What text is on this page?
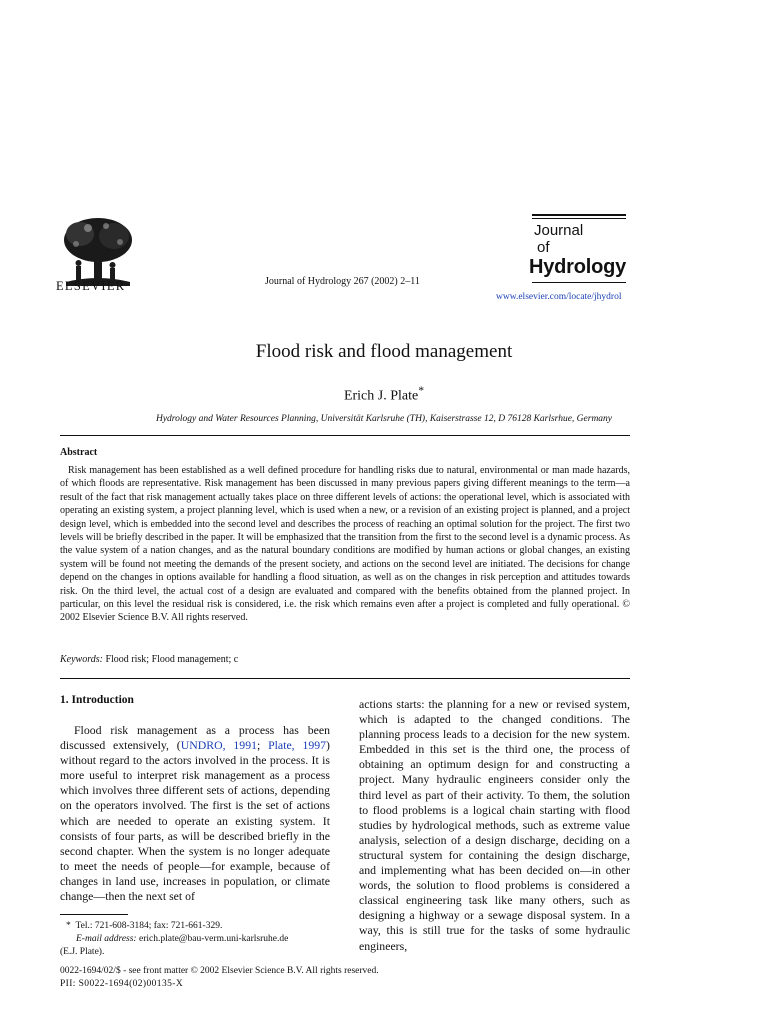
ELSEVIER	Journal of Hydrology 267 (2002) 2–11
Journal
of
Hydrology
www.elsevier.com/locate/jhydrol
Flood risk and flood management
Erich J. Plate*
Hydrology and Water Resources Planning, Universität Karlsruhe (TH), Kaiserstrasse 12, D 76128 Karlsrhue, Germany
Abstract

Risk management has been established as a well defined procedure for handling risks due to natural, environmental or man made hazards, of which floods are representative. Risk management has been discussed in many previous papers giving different meanings to the term—a result of the fact that risk management actually takes place on three different levels of actions: the operational level, which is associated with operating an existing system, a project planning level, which is used when a new, or a revision of an existing project is planned, and a project design level, which is embedded into the second level and describes the process of reaching an optimal solution for the project. The first two levels will be briefly described in the paper. It will be emphasized that the transition from the first to the second level is a dynamic process. As the value system of a nation changes, and as the natural boundary conditions are modified by human actions or global changes, an existing system will be found not meeting the demands of the present society, and actions on the second level are initiated. The decisions for change depend on the changes in options available for handling a flood situation, as well as on the changes in risk perception and attitudes towards risk. On the third level, the actual cost of a design are evaluated and compared with the benefits obtained from the planned project. In particular, on this level the residual risk is considered, i.e. the risk which remains even after a project is completed and fully operational. © 2002 Elsevier Science B.V. All rights reserved.

Keywords: Flood risk; Flood management; c
1. Introduction

Flood risk management as a process has been discussed extensively, (UNDRO, 1991; Plate, 1997) without regard to the actors involved in the process. It is more useful to interpret risk management as a process which involves three different sets of actions, depending on the operators involved. The first is the set of actions which are needed to operate an existing system. It consists of four parts, as will be described briefly in the second chapter. When the system is no longer adequate to meet the needs of people—for example, because of changes in land use, increases in population, or climate change—then the next set of

actions starts: the planning for a new or revised system, which is adapted to the changed conditions. The planning process leads to a decision for the new system. Embedded in this set is the third one, the process of obtaining an optimum design for and constructing a project. Many hydraulic engineers consider only the third level as part of their activity. To them, the solution to flood problems is a logical chain starting with flood studies by hydrological methods, such as extreme value analysis, selection of a design discharge, deciding on a structural system for containing the design discharge, and implementing what has been decided on—in other words, the solution to flood problems is considered a classical engineering task like many others, such as designing a highway or a sewage disposal system. In a way, this is still true for the tasks of some hydraulic engineers,

* Tel.: 721-608-3184; fax: 721-661-329.
E-mail address: erich.plate@bau-verm.uni-karlsruhe.de
(E.J. Plate).
0022-1694/02/$ - see front matter © 2002 Elsevier Science B.V. All rights reserved.
PII: S0022-1694(02)00135-X
